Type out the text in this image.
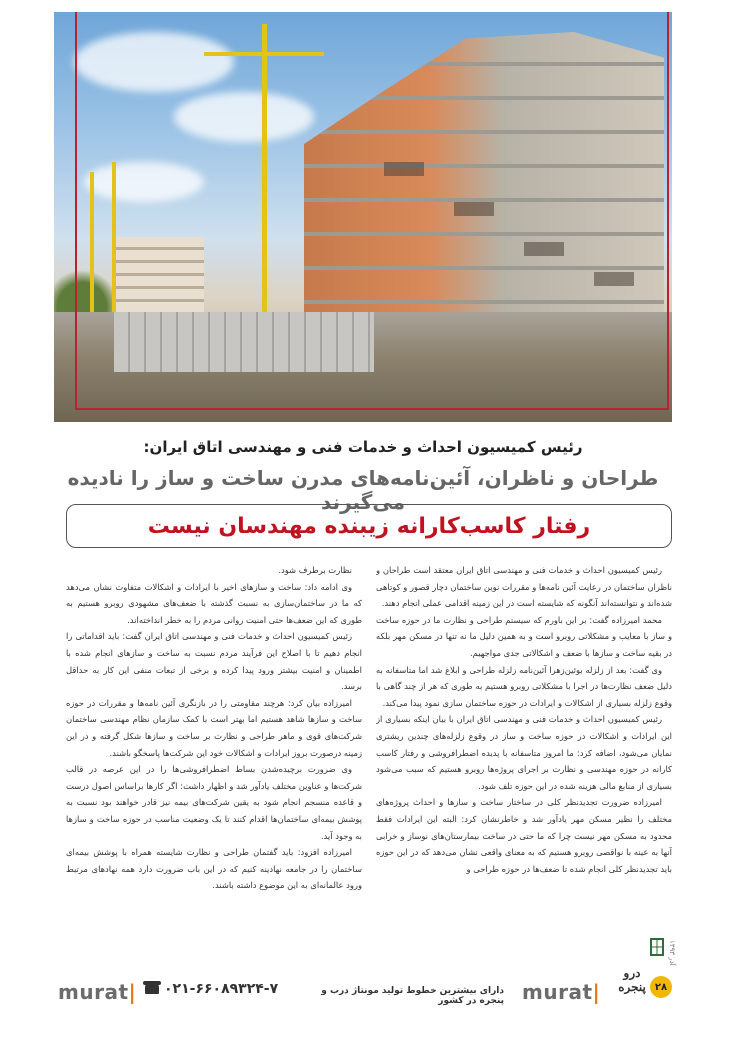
رئیس کمیسیون احداث و خدمات فنی و مهندسی اتاق ایران:
طراحان و ناظران، آئین‌نامه‌های مدرن ساخت و ساز را نادیده می‌گیرند
رفتار کاسب‌کارانه زیبنده مهندسان نیست

رئیس کمیسیون احداث و خدمات فنی و مهندسی اتاق ایران معتقد است طراحان و ناظران ساختمان در رعایت آئین نامه‌ها و مقررات نوین ساختمان دچار قصور و کوتاهی شده‌اند و نتوانسته‌اند آنگونه که شایسته است در این زمینه اقدامی عملی انجام دهند.

محمد امیرزاده گفت: بر این باورم که سیستم طراحی و نظارت ما در حوزه ساخت و ساز با معایب و مشکلاتی روبرو است و به همین دلیل ما نه تنها در مسکن مهر بلکه در بقیه ساخت و سازها با ضعف و اشکالاتی جدی مواجهیم.

وی گفت: بعد از زلزله بوئین‌زهرا آئین‌نامه زلزله طراحی و ابلاغ شد اما متاسفانه به دلیل ضعف نظارت‌ها در اجرا با مشکلاتی روبرو هستیم به طوری که هر از چند گاهی با وقوع زلزله بسیاری از اشکالات و ایرادات در حوزه ساختمان سازی نمود پیدا می‌کند.

رئیس کمیسیون احداث و خدمات فنی و مهندسی اتاق ایران با بیان اینکه بسیاری از این ایرادات و اشکالات در حوزه ساخت و ساز در وقوع زلزله‌های چندین ریشتری نمایان می‌شود، اضافه کرد: ما امروز متاسفانه با پدیده اضطرافروشی و رفتار کاسب کارانه در حوزه مهندسی و نظارت بر اجرای پروژه‌ها روبرو هستیم که سبب می‌شود بسیاری از منابع مالی هزینه شده در این حوزه تلف شود.

امیرزاده ضرورت تجدیدنظر کلی در ساختار ساخت و سازها و احداث پروژه‌های مختلف را نظیر مسکن مهر یادآور شد و خاطرنشان کرد: البته این ایرادات فقط محدود به مسکن مهر نیست چرا که ما حتی در ساخت بیمارستان‌های نوساز و خرابی آنها به عینه با نواقصی روبرو هستیم که به معنای واقعی نشان می‌دهد که در این حوزه باید تجدیدنظر کلی انجام شده تا ضعف‌ها در حوزه طراحی و

نظارت برطرف شود.

وی ادامه داد: ساخت و سازهای اخیر با ایرادات و اشکالات متفاوت نشان می‌دهد که ما در ساختمان‌سازی به نسبت گذشته با ضعف‌های مشهودی روبرو هستیم به طوری که این ضعف‌ها حتی امنیت روانی مردم را به خطر انداخته‌اند.

رئیس کمیسیون احداث و خدمات فنی و مهندسی اتاق ایران گفت: باید اقداماتی را انجام دهیم تا با اصلاح این فرآیند مردم نسبت به ساخت و سازهای انجام شده با اطمینان و امنیت بیشتر ورود پیدا کرده و برخی از تبعات منفی این کار به حداقل برسد.

امیرزاده بیان کرد: هرچند مقاومتی را در بازنگری آئین نامه‌ها و مقررات در حوزه ساخت و سازها شاهد هستیم اما بهتر است با کمک سازمان نظام مهندسی ساختمان شرکت‌های قوی و ماهر طراحی و نظارت بر ساخت و سازها شکل گرفته و در این زمینه درصورت بروز ایرادات و اشکالات خود این شرکت‌ها پاسخگو باشند.

وی ضرورت برچیده‌شدن بساط اضطرافروشی‌ها را در این عرصه در قالب شرکت‌ها و عناوین مختلف یادآور شد و اظهار داشت: اگر کارها براساس اصول درست و قاعده منسجم انجام شود به یقین شرکت‌های بیمه نیز قادر خواهند بود نسبت به پوشش بیمه‌ای ساختمان‌ها اقدام کنند تا یک وضعیت مناسب در حوزه ساخت و سازها به وجود آید.

امیرزاده افزود: باید گفتمان طراحی و نظارت شایسته همراه با پوشش بیمه‌ای ساختمان را در جامعه نهادینه کنیم که در این باب ضرورت دارد همه نهادهای مرتبط ورود عالمانه‌ای به این موضوع داشته باشند.

murat| ۰۲۱-۶۶۰۸۹۳۲۴-۷	دارای بیشترین خطوط تولید مونتاژ درب و پنجره در کشور murat|
۱۳۹۳ آذر
درو پنجره ۲۸
